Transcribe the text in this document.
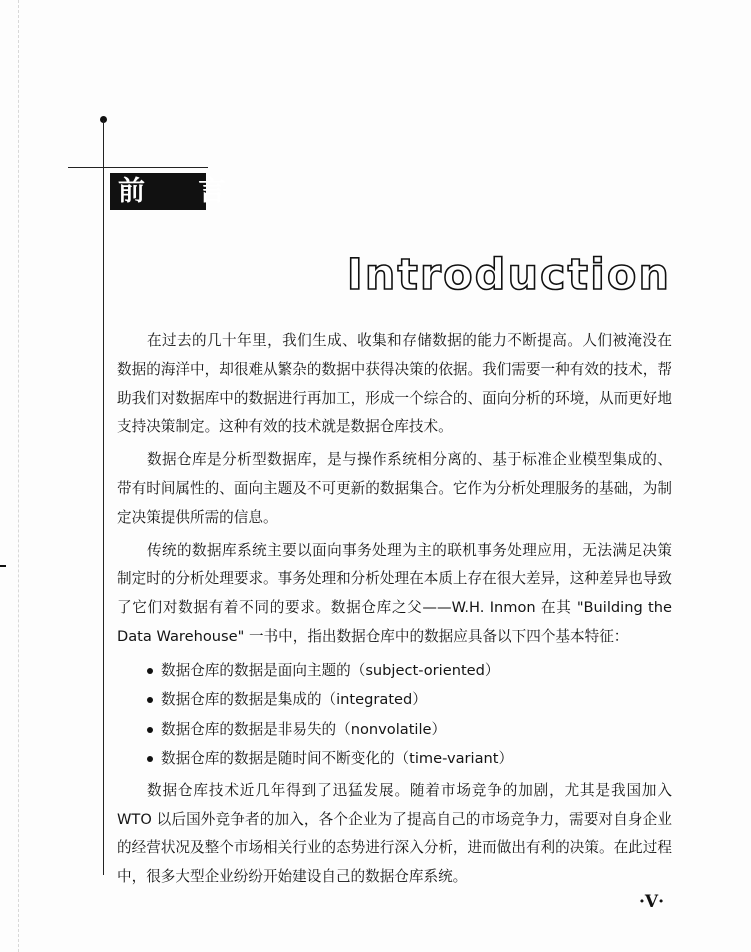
前 言
Introduction

在过去的几十年里，我们生成、收集和存储数据的能力不断提高。人们被淹没在数据的海洋中，却很难从繁杂的数据中获得决策的依据。我们需要一种有效的技术，帮助我们对数据库中的数据进行再加工，形成一个综合的、面向分析的环境，从而更好地支持决策制定。这种有效的技术就是数据仓库技术。

数据仓库是分析型数据库，是与操作系统相分离的、基于标准企业模型集成的、带有时间属性的、面向主题及不可更新的数据集合。它作为分析处理服务的基础，为制定决策提供所需的信息。

传统的数据库系统主要以面向事务处理为主的联机事务处理应用，无法满足决策制定时的分析处理要求。事务处理和分析处理在本质上存在很大差异，这种差异也导致了它们对数据有着不同的要求。数据仓库之父——W.H. Inmon 在其 "Building the Data Warehouse" 一书中，指出数据仓库中的数据应具备以下四个基本特征：

数据仓库的数据是面向主题的（subject-oriented）
数据仓库的数据是集成的（integrated）
数据仓库的数据是非易失的（nonvolatile）
数据仓库的数据是随时间不断变化的（time-variant）

数据仓库技术近几年得到了迅猛发展。随着市场竞争的加剧，尤其是我国加入 WTO 以后国外竞争者的加入，各个企业为了提高自己的市场竞争力，需要对自身企业的经营状况及整个市场相关行业的态势进行深入分析，进而做出有利的决策。在此过程中，很多大型企业纷纷开始建设自己的数据仓库系统。

·V·
